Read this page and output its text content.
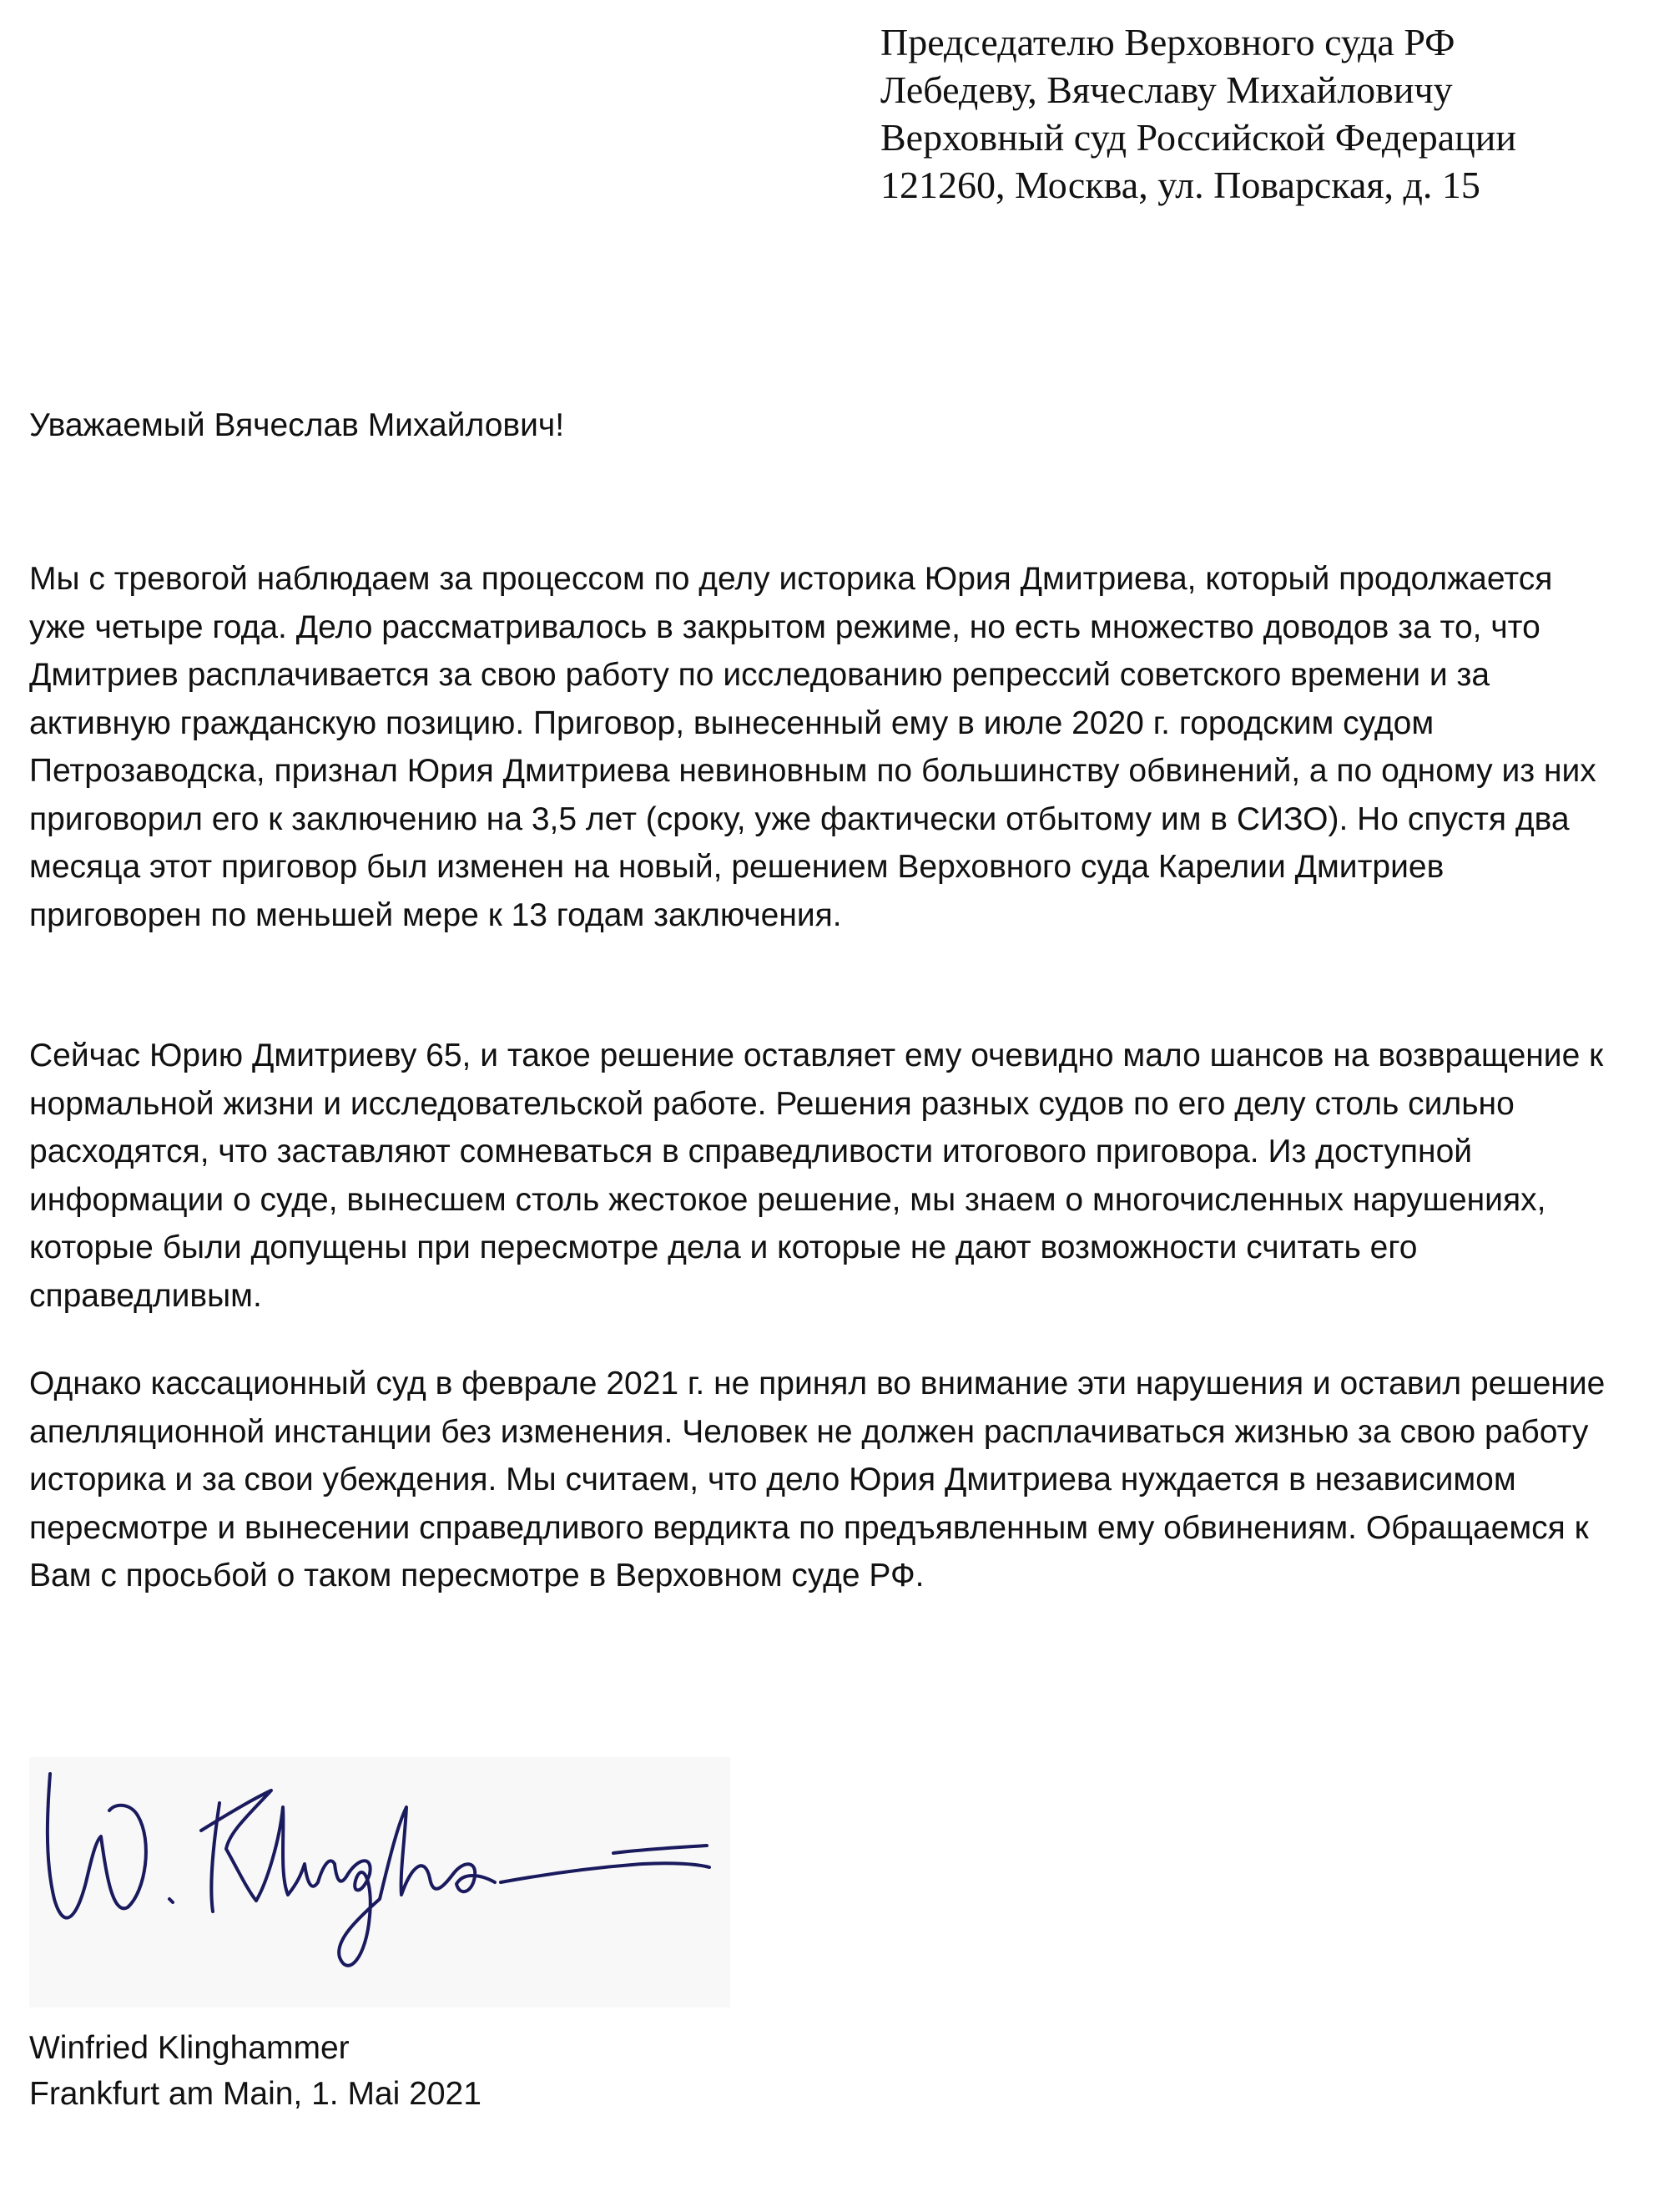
Председателю Верховного суда РФ
Лебедеву, Вячеславу Михайловичу
Верховный суд Российской Федерации
121260, Москва, ул. Поварская, д. 15
Уважаемый Вячеслав Михайлович!

Мы с тревогой наблюдаем за процессом по делу историка Юрия Дмитриева, который продолжается уже четыре года. Дело рассматривалось в закрытом режиме, но есть множество доводов за то, что Дмитриев расплачивается за свою работу по исследованию репрессий советского времени и за активную гражданскую позицию. Приговор, вынесенный ему в июле 2020 г. городским судом Петрозаводска, признал Юрия Дмитриева невиновным по большинству обвинений, а по одному из них приговорил его к заключению на 3,5 лет (сроку, уже фактически отбытому им в СИЗО). Но спустя два месяца этот приговор был изменен на новый, решением Верховного суда Карелии Дмитриев приговорен по меньшей мере к 13 годам заключения.

Сейчас Юрию Дмитриеву 65, и такое решение оставляет ему очевидно мало шансов на возвращение к нормальной жизни и исследовательской работе. Решения разных судов по его делу столь сильно расходятся, что заставляют сомневаться в справедливости итогового приговора. Из доступной информации о суде, вынесшем столь жестокое решение, мы знаем о многочисленных нарушениях, которые были допущены при пересмотре дела и которые не дают возможности считать его справедливым.

Однако кассационный суд в феврале 2021 г. не принял во внимание эти нарушения и оставил решение апелляционной инстанции без изменения. Человек не должен расплачиваться жизнью за свою работу историка и за свои убеждения. Мы считаем, что дело Юрия Дмитриева нуждается в независимом пересмотре и вынесении справедливого вердикта по предъявленным ему обвинениям. Обращаемся к Вам с просьбой о таком пересмотре в Верховном суде РФ.

Winfried Klinghammer
Frankfurt am Main, 1. Mai 2021
